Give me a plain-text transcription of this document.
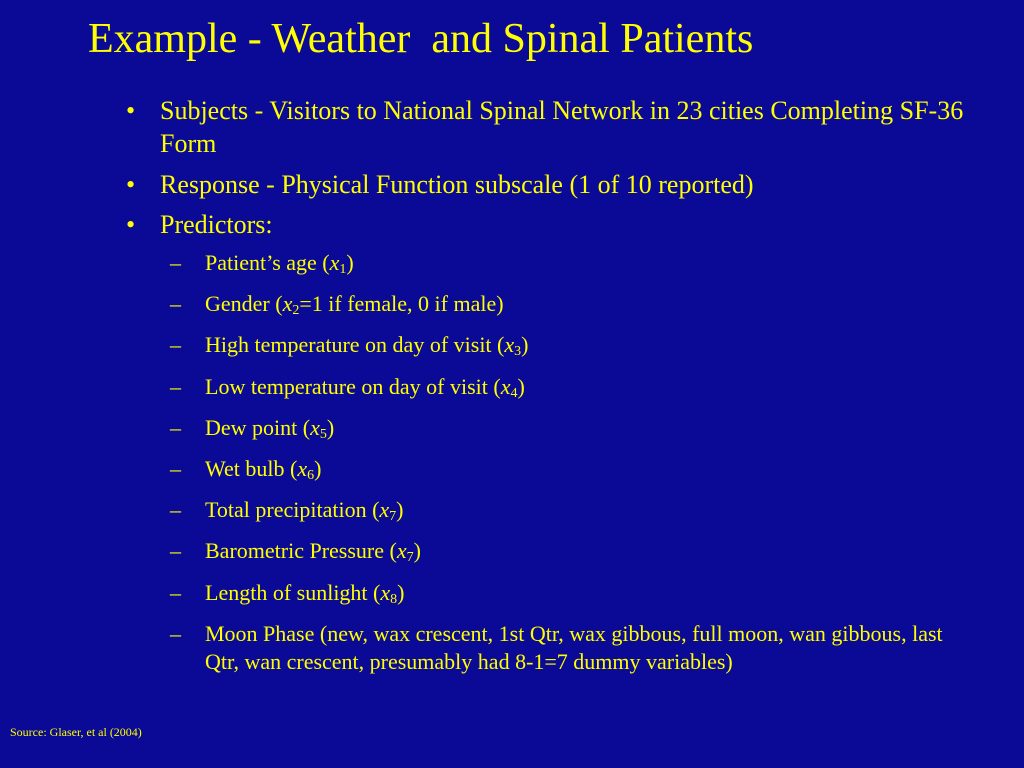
Example - Weather  and Spinal Patients
• Subjects - Visitors to National Spinal Network in 23 cities Completing SF-36 Form
• Response - Physical Function subscale (1 of 10 reported)
• Predictors:
– Patient’s age $(x_1)$
– Gender ($x_2=1$ if female, 0 if male)
– High temperature on day of visit $(x_3)$
– Low temperature on day of visit $(x_4)$
– Dew point $(x_5)$
– Wet bulb $(x_6)$
– Total precipitation $(x_7)$
– Barometric Pressure $(x_7)$
– Length of sunlight $(x_8)$
– Moon Phase (new, wax crescent, 1st Qtr, wax gibbous, full moon, wan gibbous, last Qtr, wan crescent, presumably had 8-1=7 dummy variables)
Source: Glaser, et al (2004)
